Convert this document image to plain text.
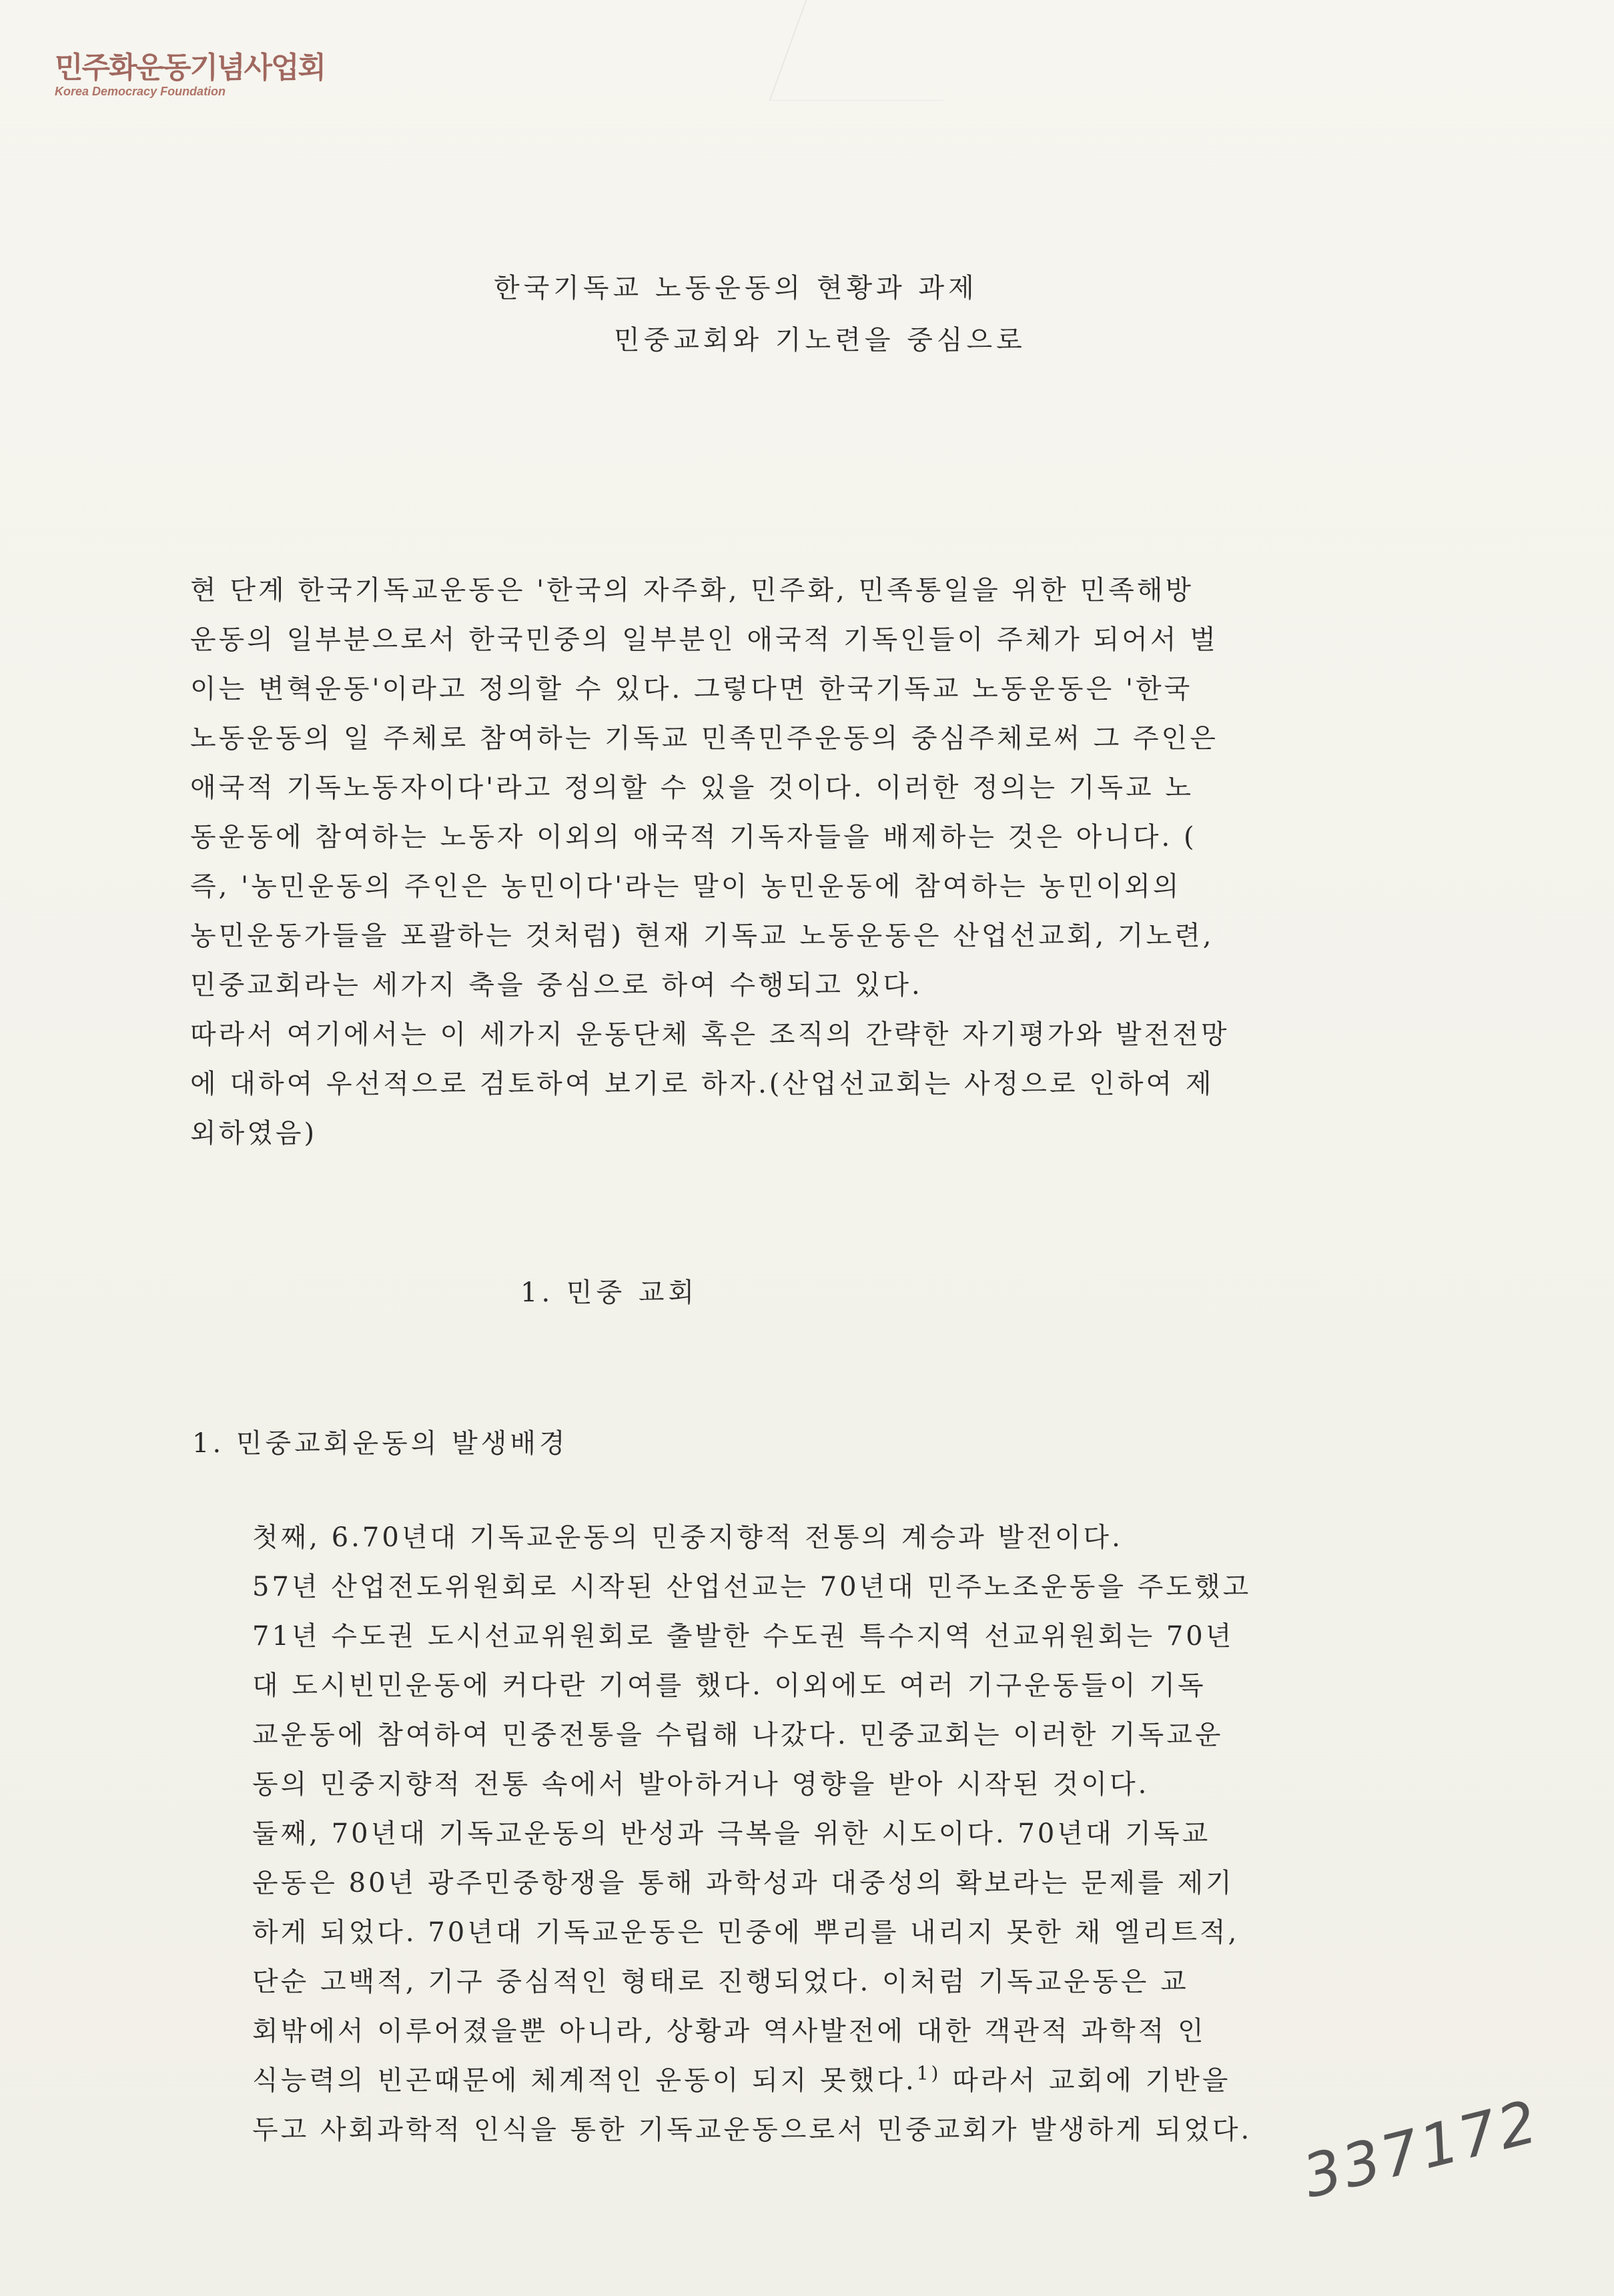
민주화운동기념사업회
Korea Democracy Foundation
한국기독교 노동운동의 현황과 과제
민중교회와 기노련을 중심으로
현 단계 한국기독교운동은 '한국의 자주화, 민주화, 민족통일을 위한 민족해방
운동의 일부분으로서 한국민중의 일부분인 애국적 기독인들이 주체가 되어서 벌
이는 변혁운동'이라고 정의할 수 있다. 그렇다면 한국기독교 노동운동은 '한국
노동운동의 일 주체로 참여하는 기독교 민족민주운동의 중심주체로써 그 주인은
애국적 기독노동자이다'라고 정의할 수 있을 것이다. 이러한 정의는 기독교 노
동운동에 참여하는 노동자 이외의 애국적 기독자들을 배제하는 것은 아니다. (
즉, '농민운동의 주인은 농민이다'라는 말이 농민운동에 참여하는 농민이외의
농민운동가들을 포괄하는 것처럼) 현재 기독교 노동운동은 산업선교회, 기노련,
민중교회라는 세가지 축을 중심으로 하여 수행되고 있다.
따라서 여기에서는 이 세가지 운동단체 혹은 조직의 간략한 자기평가와 발전전망
에 대하여 우선적으로 검토하여 보기로 하자.(산업선교회는 사정으로 인하여 제
외하였음)
1. 민중 교회
1. 민중교회운동의 발생배경
첫째, 6.70년대 기독교운동의 민중지향적 전통의 계승과 발전이다.
57년 산업전도위원회로 시작된 산업선교는 70년대 민주노조운동을 주도했고
71년 수도권 도시선교위원회로 출발한 수도권 특수지역 선교위원회는 70년
대 도시빈민운동에 커다란 기여를 했다. 이외에도 여러 기구운동들이 기독
교운동에 참여하여 민중전통을 수립해 나갔다. 민중교회는 이러한 기독교운
동의 민중지향적 전통 속에서 발아하거나 영향을 받아 시작된 것이다.
둘째, 70년대 기독교운동의 반성과 극복을 위한 시도이다. 70년대 기독교
운동은 80년 광주민중항쟁을 통해 과학성과 대중성의 확보라는 문제를 제기
하게 되었다. 70년대 기독교운동은 민중에 뿌리를 내리지 못한 채 엘리트적,
단순 고백적, 기구 중심적인 형태로 진행되었다. 이처럼 기독교운동은 교
회밖에서 이루어졌을뿐 아니라, 상황과 역사발전에 대한 객관적 과학적 인
식능력의 빈곤때문에 체계적인 운동이 되지 못했다.$^{1)}$ 따라서 교회에 기반을
두고 사회과학적 인식을 통한 기독교운동으로서 민중교회가 발생하게 되었다. 337172
